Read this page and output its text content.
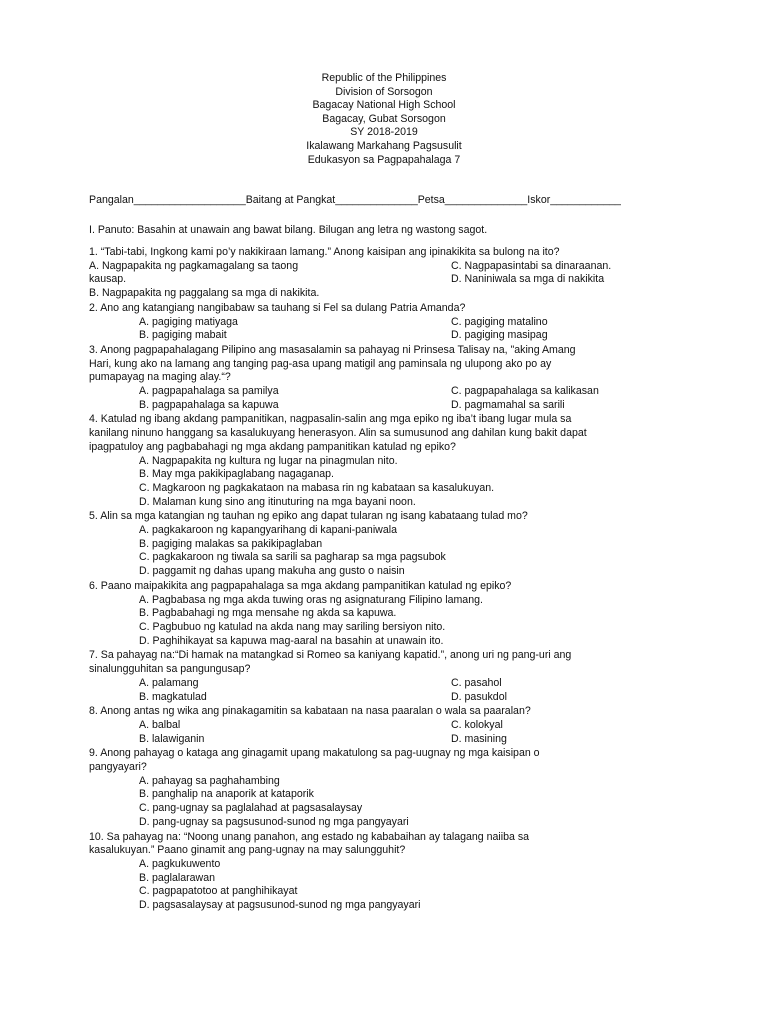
Republic of the Philippines
Division of Sorsogon
Bagacay National High School
Bagacay, Gubat Sorsogon
SY 2018-2019
Ikalawang Markahang Pagsusulit
Edukasyon sa Pagpapahalaga 7
Pangalan___________________Baitang at Pangkat______________Petsa______________Iskor____________
I. Panuto: Basahin at unawain ang bawat bilang. Bilugan ang letra ng wastong sagot.
1. “Tabi-tabi, Ingkong kami po’y nakikiraan lamang.” Anong kaisipan ang ipinakikita sa bulong na ito?
A. Nagpapakita ng pagkamagalang sa taong	C. Nagpapasintabi sa dinaraanan.
kausap.	D. Naniniwala sa mga di nakikita
B. Nagpapakita ng paggalang sa mga di nakikita.
2. Ano ang katangiang nangibabaw sa tauhang si Fel sa dulang Patria Amanda?
A. pagiging matiyaga	C. pagiging matalino
B. pagiging mabait	D. pagiging masipag
3. Anong pagpapahalagang Pilipino ang masasalamin sa pahayag ni Prinsesa Talisay na, "aking Amang
Hari, kung ako na lamang ang tanging pag-asa upang matigil ang paminsala ng ulupong ako po ay
pumapayag na maging alay.“?
A. pagpapahalaga sa pamilya	C. pagpapahalaga sa kalikasan
B. pagpapahalaga sa kapuwa	D. pagmamahal sa sarili
4. Katulad ng ibang akdang pampanitikan, nagpasalin-salin ang mga epiko ng iba’t ibang lugar mula sa
kanilang ninuno hanggang sa kasalukuyang henerasyon. Alin sa sumusunod ang dahilan kung bakit dapat
ipagpatuloy ang pagbabahagi ng mga akdang pampanitikan katulad ng epiko?
A. Nagpapakita ng kultura ng lugar na pinagmulan nito.
B. May mga pakikipaglabang nagaganap.
C. Magkaroon ng pagkakataon na mabasa rin ng kabataan sa kasalukuyan.
D. Malaman kung sino ang itinuturing na mga bayani noon.
5. Alin sa mga katangian ng tauhan ng epiko ang dapat tularan ng isang kabataang tulad mo?
A. pagkakaroon ng kapangyarihang di kapani-paniwala
B. pagiging malakas sa pakikipaglaban
C. pagkakaroon ng tiwala sa sarili sa pagharap sa mga pagsubok
D. paggamit ng dahas upang makuha ang gusto o naisin
6. Paano maipakikita ang pagpapahalaga sa mga akdang pampanitikan katulad ng epiko?
A. Pagbabasa ng mga akda tuwing oras ng asignaturang Filipino lamang.
B. Pagbabahagi ng mga mensahe ng akda sa kapuwa.
C. Pagbubuo ng katulad na akda nang may sariling bersiyon nito.
D. Paghihikayat sa kapuwa mag-aaral na basahin at unawain ito.
7. Sa pahayag na:“Di hamak na matangkad si Romeo sa kaniyang kapatid.”, anong uri ng pang-uri ang
sinalungguhitan sa pangungusap?
A. palamang	C. pasahol
B. magkatulad	D. pasukdol
8. Anong antas ng wika ang pinakagamitin sa kabataan na nasa paaralan o wala sa paaralan?
A. balbal	C. kolokyal
B. lalawiganin	D. masining
9. Anong pahayag o kataga ang ginagamit upang makatulong sa pag-uugnay ng mga kaisipan o
pangyayari?
A. pahayag sa paghahambing
B. panghalip na anaporik at kataporik
C. pang-ugnay sa paglalahad at pagsasalaysay
D. pang-ugnay sa pagsusunod-sunod ng mga pangyayari
10. Sa pahayag na: “Noong unang panahon, ang estado ng kababaihan ay talagang naiiba sa
kasalukuyan.” Paano ginamit ang pang-ugnay na may salungguhit?
A. pagkukuwento
B. paglalarawan
C. pagpapatotoo at panghihikayat
D. pagsasalaysay at pagsusunod-sunod ng mga pangyayari
